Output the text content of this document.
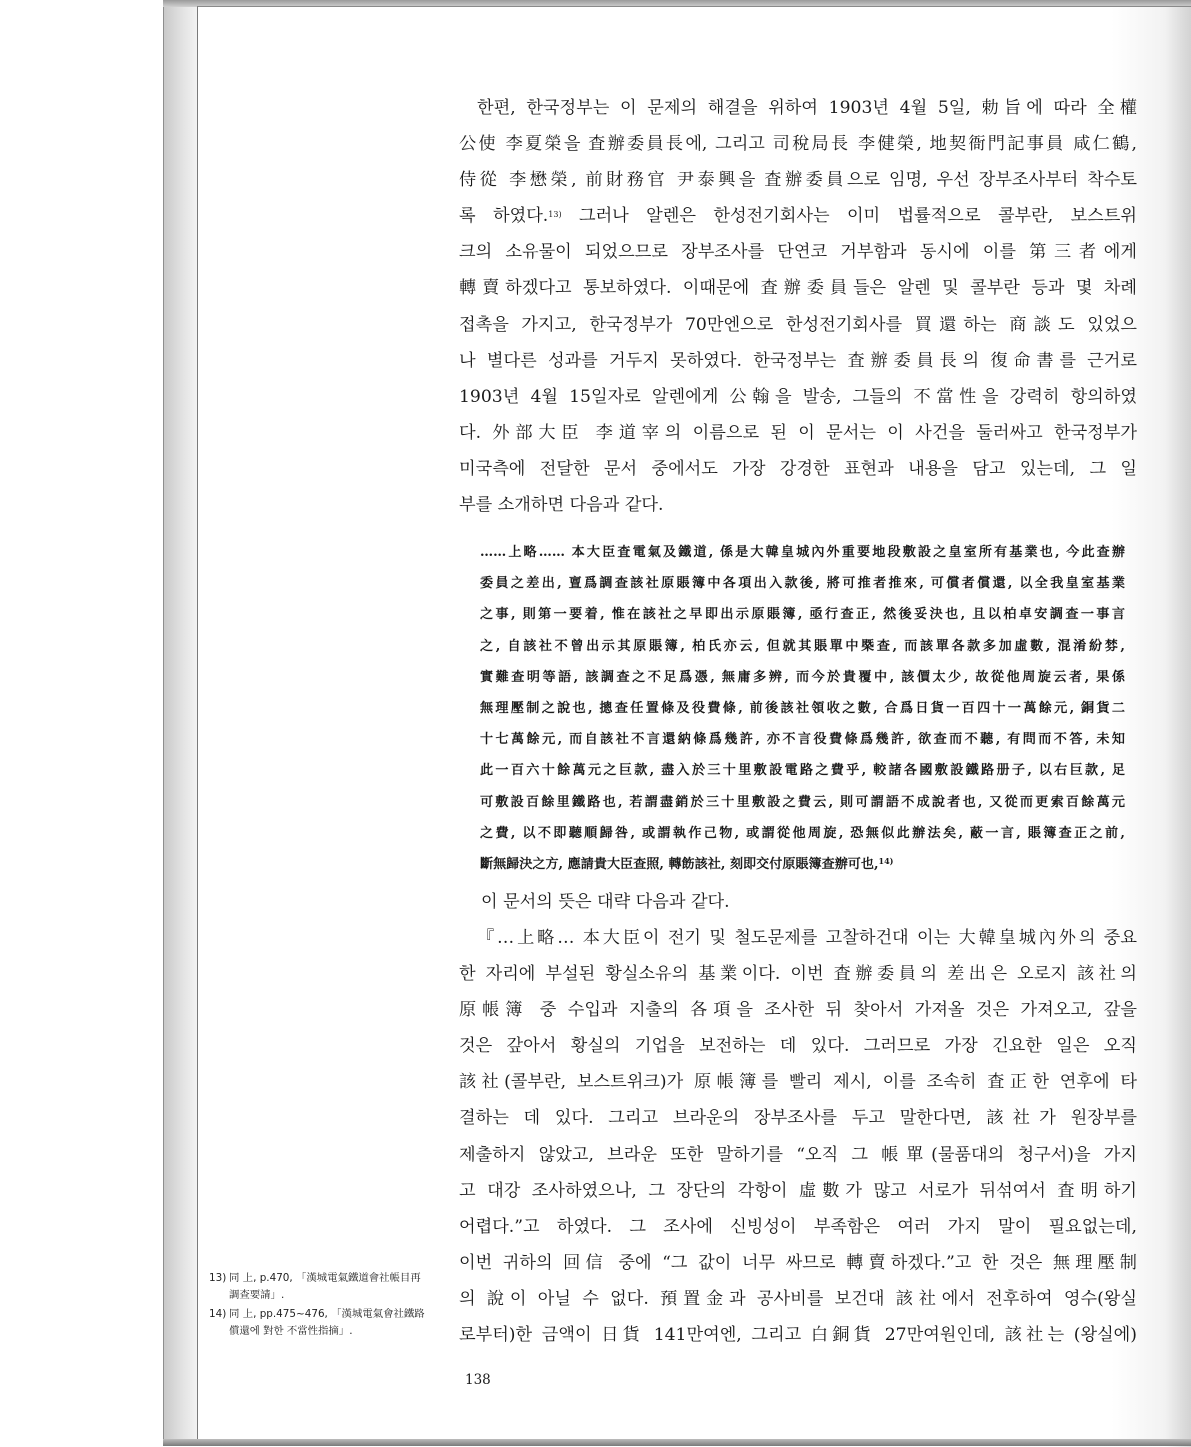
한편, 한국정부는 이 문제의 해결을 위하여 1903년 4월 5일, 勅旨에 따라 全權
公使 李夏榮을 査辦委員長에, 그리고 司稅局長 李健榮, 地契衙門記事員 咸仁鶴,
侍從 李懋榮, 前財務官 尹泰興을 査辦委員으로 임명, 우선 장부조사부터 착수토
록 하였다.$^{13)}$ 그러나 알렌은 한성전기회사는 이미 법률적으로 콜부란, 보스트위
크의 소유물이 되었으므로 장부조사를 단연코 거부함과 동시에 이를 第三者에게
轉賣하겠다고 통보하였다. 이때문에 査辦委員들은 알렌 및 콜부란 등과 몇 차례
접촉을 가지고, 한국정부가 70만엔으로 한성전기회사를 買還하는 商談도 있었으
나 별다른 성과를 거두지 못하였다. 한국정부는 査辦委員長의 復命書를 근거로
1903년 4월 15일자로 알렌에게 公翰을 발송, 그들의 不當性을 강력히 항의하였
다. 外部大臣 李道宰의 이름으로 된 이 문서는 이 사건을 둘러싸고 한국정부가
미국측에 전달한 문서 중에서도 가장 강경한 표현과 내용을 담고 있는데, 그 일
부를 소개하면 다음과 같다.
……上略…… 本大臣査電氣及鐵道, 係是大韓皇城內外重要地段敷設之皇室所有基業也, 今此查辦
委員之差出, 亶爲調查該社原賬簿中各項出入款後, 將可推者推來, 可償者償還, 以全我皇室基業
之事, 則第一要着, 惟在該社之早即出示原賬簿, 亟行查正, 然後妥決也, 且以柏卓安調查一事言
之, 自該社不曾出示其原賬簿, 柏氏亦云, 但就其賬單中槩查, 而該單各款多加虛數, 混淆紛棼,
實難查明等語, 該調查之不足爲憑, 無庸多辨, 而今於貴覆中, 該價太少, 故從他周旋云者, 果係
無理壓制之說也, 摠查任置條及役費條, 前後該社領收之數, 合爲日貨一百四十一萬餘元, 銅貨二
十七萬餘元, 而自該社不言還納條爲幾許, 亦不言役費條爲幾許, 欲查而不聽, 有問而不答, 未知
此一百六十餘萬元之巨款, 盡入於三十里敷設電路之費乎, 較諸各國敷設鐵路册子, 以右巨款, 足
可敷設百餘里鐵路也, 若謂盡銷於三十里敷設之費云, 則可謂語不成說者也, 又從而更索百餘萬元
之費, 以不即聽順歸咎, 或謂執作己物, 或謂從他周旋, 恐無似此辦法矣, 蔽一言, 賬簿查正之前,
斷無歸決之方, 應請貴大臣查照, 轉飭該社, 刻即交付原賬簿查辦可也,$^{14)}$
이 문서의 뜻은 대략 다음과 같다.
『…上略… 本大臣이 전기 및 철도문제를 고찰하건대 이는 大韓皇城內外의 중요
한 자리에 부설된 황실소유의 基業이다. 이번 査辦委員의 差出은 오로지 該社의
原帳簿 중 수입과 지출의 各項을 조사한 뒤 찾아서 가져올 것은 가져오고, 갚을
것은 갚아서 황실의 기업을 보전하는 데 있다. 그러므로 가장 긴요한 일은 오직
該社(콜부란, 보스트위크)가 原帳簿를 빨리 제시, 이를 조속히 査正한 연후에 타
결하는 데 있다. 그리고 브라운의 장부조사를 두고 말한다면, 該社가 원장부를
제출하지 않았고, 브라운 또한 말하기를 “오직 그 帳單(물품대의 청구서)을 가지
고 대강 조사하였으나, 그 장단의 각항이 虛數가 많고 서로가 뒤섞여서 査明하기
어렵다.”고 하였다. 그 조사에 신빙성이 부족함은 여러 가지 말이 필요없는데,
이번 귀하의 回信 중에 “그 값이 너무 싸므로 轉賣하겠다.”고 한 것은 無理壓制
의 說이 아닐 수 없다. 預置金과 공사비를 보건대 該社에서 전후하여 영수(왕실
로부터)한 금액이 日貨 141만여엔, 그리고 白銅貨 27만여원인데, 該社는 (왕실에)
13) 同 上, p.470, 「漢城電氣鐵道會社帳目再調查要請」.
14) 同 上, pp.475~476, 「漢城電氣會社鐵路償還에 對한 不當性指摘」.
138
